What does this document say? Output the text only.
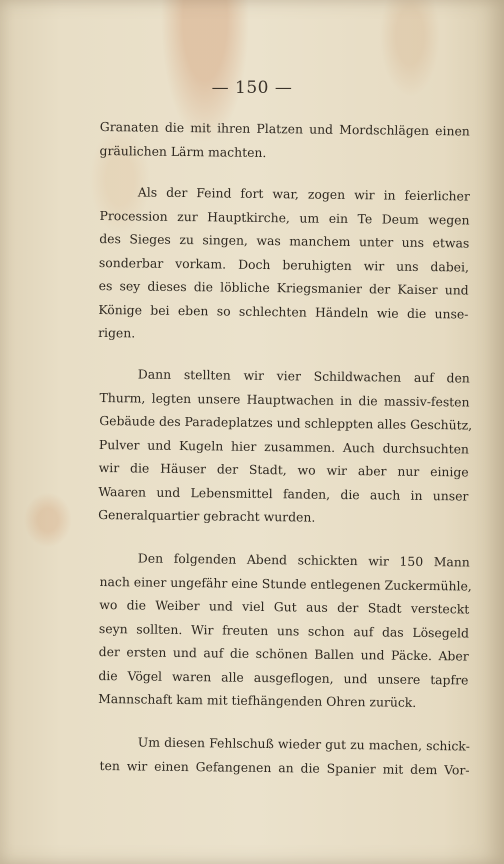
— 150 —
Granaten die mit ihren Platzen und Mordschlägen einen
gräulichen Lärm machten.
Als der Feind fort war, zogen wir in feierlicher
Procession zur Hauptkirche, um ein Te Deum wegen
des Sieges zu singen, was manchem unter uns etwas
sonderbar vorkam. Doch beruhigten wir uns dabei,
es sey dieses die löbliche Kriegsmanier der Kaiser und
Könige bei eben so schlechten Händeln wie die unse-
rigen.
Dann stellten wir vier Schildwachen auf den
Thurm, legten unsere Hauptwachen in die massiv-festen
Gebäude des Paradeplatzes und schleppten alles Geschütz,
Pulver und Kugeln hier zusammen. Auch durchsuchten
wir die Häuser der Stadt, wo wir aber nur einige
Waaren und Lebensmittel fanden, die auch in unser
Generalquartier gebracht wurden.
Den folgenden Abend schickten wir 150 Mann
nach einer ungefähr eine Stunde entlegenen Zuckermühle,
wo die Weiber und viel Gut aus der Stadt versteckt
seyn sollten. Wir freuten uns schon auf das Lösegeld
der ersten und auf die schönen Ballen und Päcke. Aber
die Vögel waren alle ausgeflogen, und unsere tapfre
Mannschaft kam mit tiefhängenden Ohren zurück.
Um diesen Fehlschuß wieder gut zu machen, schick-
ten wir einen Gefangenen an die Spanier mit dem Vor-
